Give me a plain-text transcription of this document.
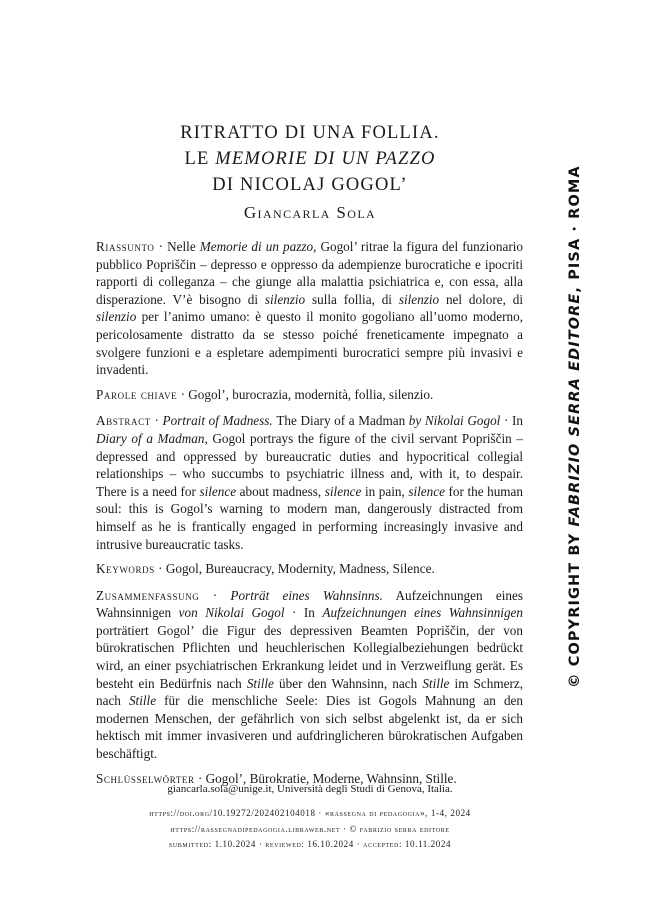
RITRATTO DI UNA FOLLIA.
LE MEMORIE DI UN PAZZO
DI NICOLAJ GOGOL’
Giancarla Sola

Riassunto · Nelle Memorie di un pazzo, Gogol’ ritrae la figura del funzionario pubblico Popriščin – depresso e oppresso da adempienze burocratiche e ipocriti rapporti di colleganza – che giunge alla malattia psichiatrica e, con essa, alla disperazione. V’è bisogno di silenzio sulla follia, di silenzio nel dolore, di silenzio per l’animo umano: è questo il monito gogoliano all’uomo moderno, pericolosamente distratto da se stesso poiché freneticamente impegnato a svolgere funzioni e a espletare adempimenti burocratici sempre più invasivi e invadenti.

Parole chiave · Gogol’, burocrazia, modernità, follia, silenzio.

Abstract · Portrait of Madness. The Diary of a Madman by Nikolai Gogol · In Diary of a Madman, Gogol portrays the figure of the civil servant Popriščin – depressed and oppressed by bureaucratic duties and hypocritical collegial relationships – who succumbs to psychiatric illness and, with it, to despair. There is a need for silence about madness, silence in pain, silence for the human soul: this is Gogol’s warning to modern man, dangerously distracted from himself as he is frantically engaged in performing increasingly invasive and intrusive bureaucratic tasks.

Keywords · Gogol, Bureaucracy, Modernity, Madness, Silence.

Zusammenfassung · Porträt eines Wahnsinns. Aufzeichnungen eines Wahnsinnigen von Nikolai Gogol · In Aufzeichnungen eines Wahnsinnigen porträtiert Gogol’ die Figur des depressiven Beamten Popriščin, der von bürokratischen Pflichten und heuchlerischen Kollegialbeziehungen bedrückt wird, an einer psychiatrischen Erkrankung leidet und in Verzweiflung gerät. Es besteht ein Bedürfnis nach Stille über den Wahnsinn, nach Stille im Schmerz, nach Stille für die menschliche Seele: Dies ist Gogols Mahnung an den modernen Menschen, der gefährlich von sich selbst abgelenkt ist, da er sich hektisch mit immer invasiveren und aufdringlicheren bürokratischen Aufgaben beschäftigt.

Schlüsselwörter · Gogol’, Bürokratie, Moderne, Wahnsinn, Stille.

© COPYRIGHT BY FABRIZIO SERRA EDITORE, PISA · ROMA
giancarla.sola@unige.it, Università degli Studi di Genova, Italia.
https://doi.org/10.19272/202402104018 · «rassegna di pedagogia», 1-4, 2024
https://rassegnadipedagogia.libraweb.net · © fabrizio serra editore
submitted: 1.10.2024 · reviewed: 16.10.2024 · accepted: 10.11.2024
